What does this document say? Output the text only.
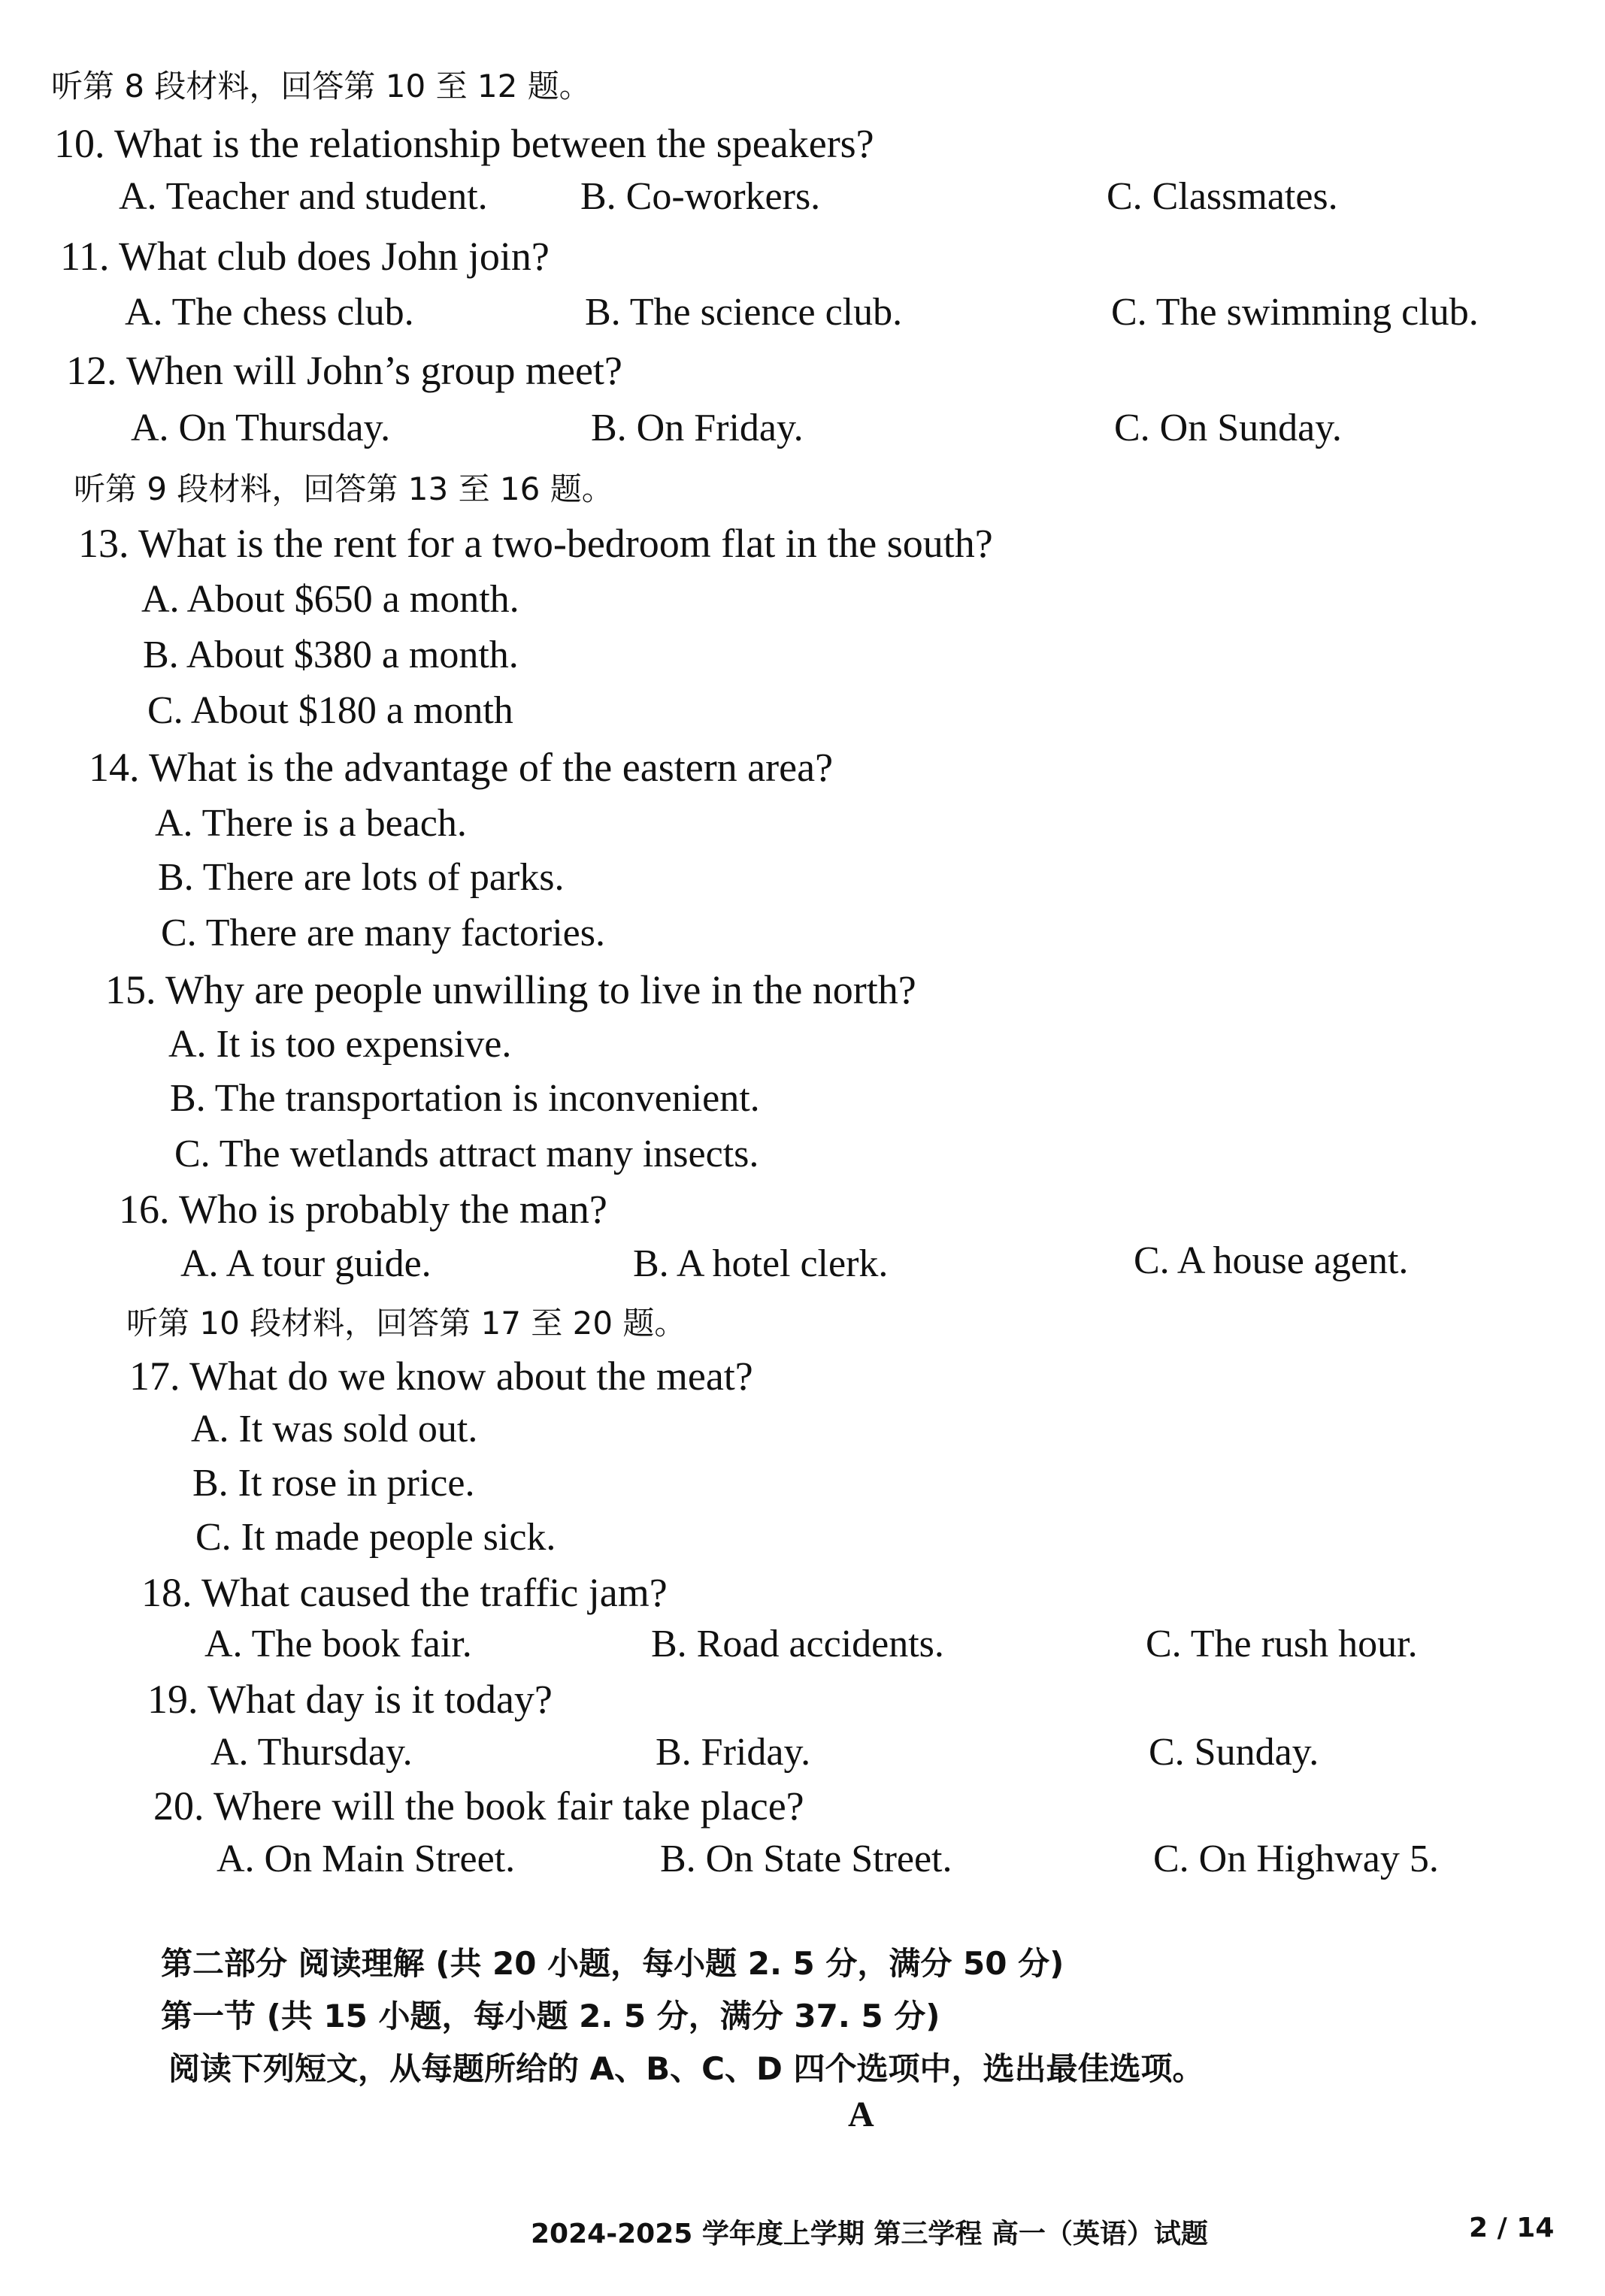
听第 8 段材料，回答第 10 至 12 题。
10. What is the relationship between the speakers?
A. Teacher and student. B. Co-workers.	C. Classmates.
11. What club does John join?
A. The chess club.	B. The science club.	C. The swimming club.
12. When will John’s group meet?
A. On Thursday.	B. On Friday.	C. On Sunday.
听第 9 段材料，回答第 13 至 16 题。
13. What is the rent for a two-bedroom flat in the south?
A. About $650 a month.
B. About $380 a month.
C. About $180 a month
14. What is the advantage of the eastern area?
A. There is a beach.
B. There are lots of parks.
C. There are many factories.
15. Why are people unwilling to live in the north?
A. It is too expensive.
B. The transportation is inconvenient.
C. The wetlands attract many insects.
16. Who is probably the man?
A. A tour guide.	B. A hotel clerk.	C. A house agent.
听第 10 段材料，回答第 17 至 20 题。
17. What do we know about the meat?
A. It was sold out.
B. It rose in price.
C. It made people sick.
18. What caused the traffic jam?
A. The book fair.	B. Road accidents.	C. The rush hour.
19. What day is it today?
A. Thursday.	B. Friday.	C. Sunday.
20. Where will the book fair take place?
A. On Main Street.	B. On State Street.	C. On Highway 5.
第二部分 阅读理解 (共 20 小题，每小题 2. 5 分，满分 50 分)
第一节 (共 15 小题，每小题 2. 5 分，满分 37. 5 分)
阅读下列短文，从每题所给的 A、B、C、D 四个选项中，选出最佳选项。
A
2024-2025 学年度上学期 第三学程 高一（英语）试题	2 / 14
